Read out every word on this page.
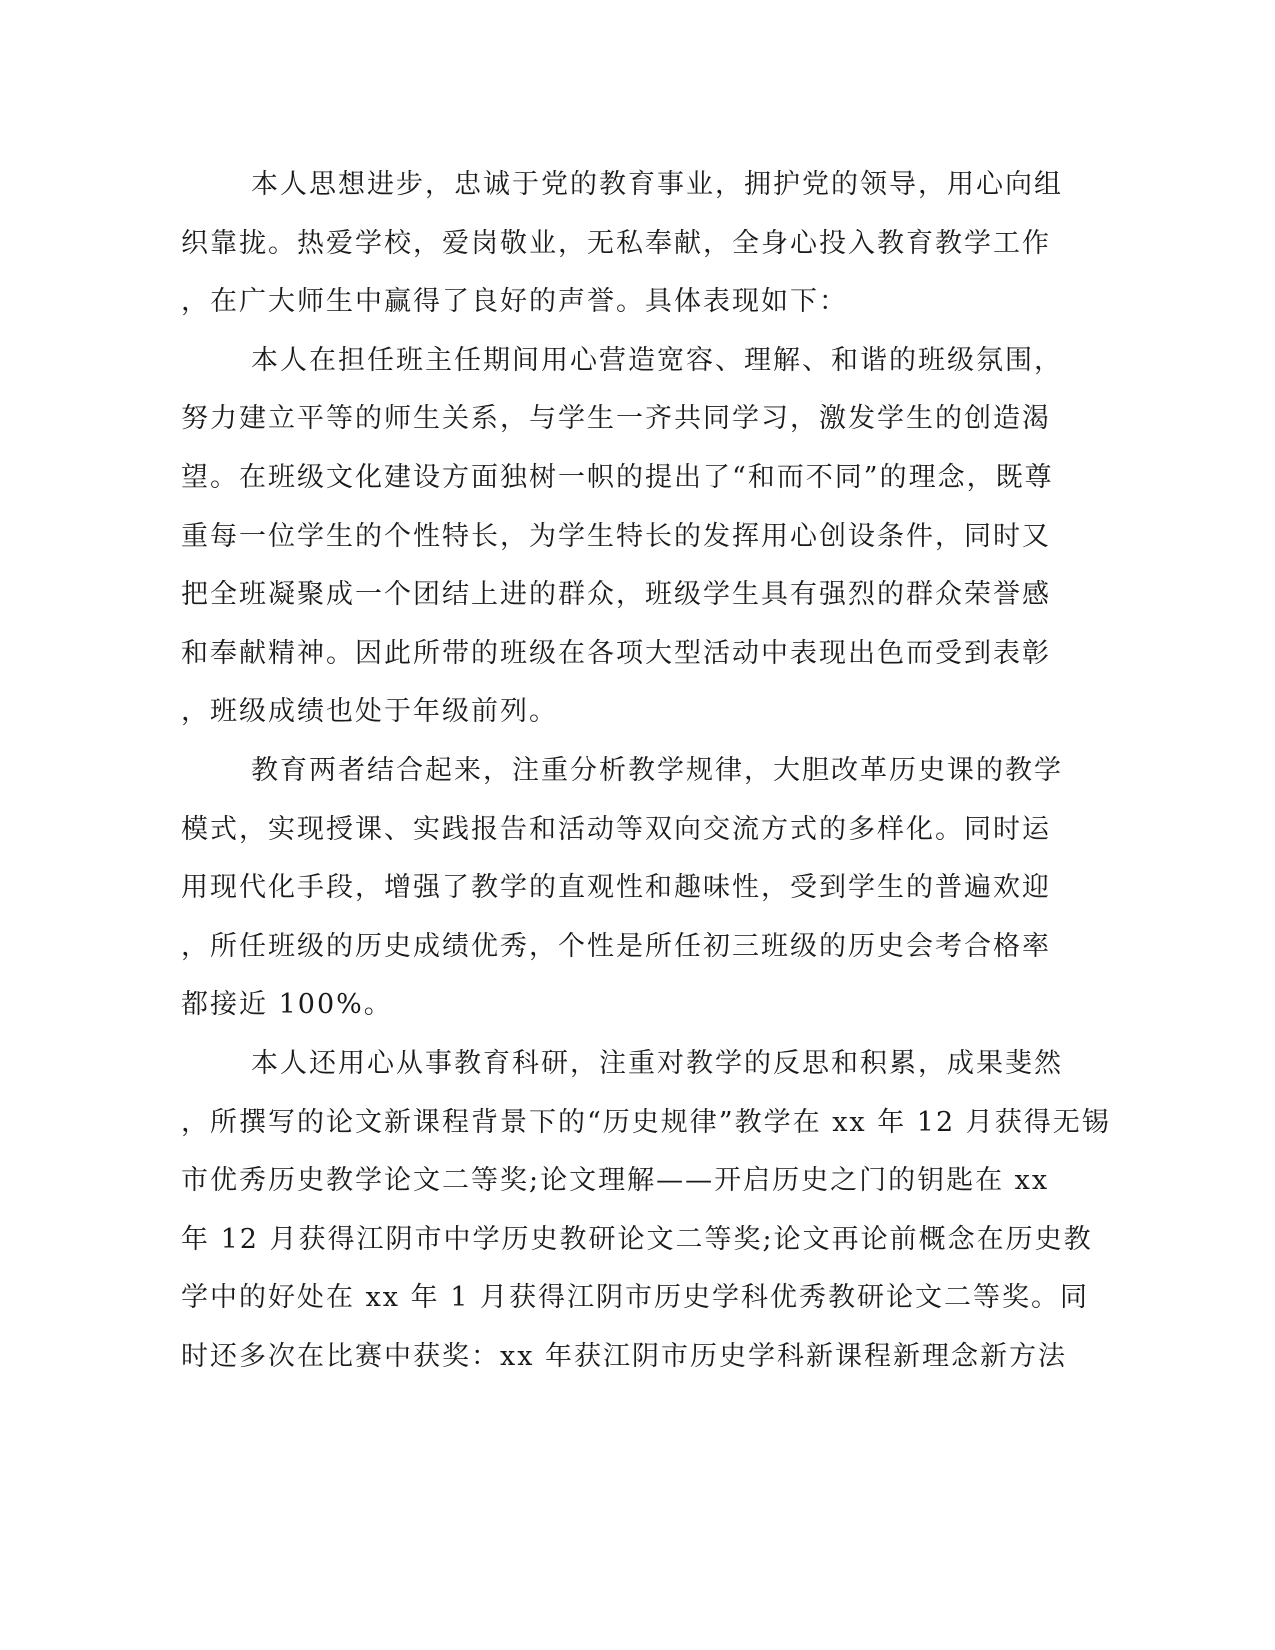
本人思想进步，忠诚于党的教育事业，拥护党的领导，用心向组
织靠拢。热爱学校，爱岗敬业，无私奉献，全身心投入教育教学工作
，在广大师生中赢得了良好的声誉。具体表现如下：
本人在担任班主任期间用心营造宽容、理解、和谐的班级氛围，
努力建立平等的师生关系，与学生一齐共同学习，激发学生的创造渴
望。在班级文化建设方面独树一帜的提出了“和而不同”的理念，既尊
重每一位学生的个性特长，为学生特长的发挥用心创设条件，同时又
把全班凝聚成一个团结上进的群众，班级学生具有强烈的群众荣誉感
和奉献精神。因此所带的班级在各项大型活动中表现出色而受到表彰
，班级成绩也处于年级前列。
教育两者结合起来，注重分析教学规律，大胆改革历史课的教学
模式，实现授课、实践报告和活动等双向交流方式的多样化。同时运
用现代化手段，增强了教学的直观性和趣味性，受到学生的普遍欢迎
，所任班级的历史成绩优秀，个性是所任初三班级的历史会考合格率
都接近 100%。
本人还用心从事教育科研，注重对教学的反思和积累，成果斐然
，所撰写的论文新课程背景下的“历史规律”教学在 xx 年 12 月获得无锡
市优秀历史教学论文二等奖;论文理解——开启历史之门的钥匙在 xx
年 12 月获得江阴市中学历史教研论文二等奖;论文再论前概念在历史教
学中的好处在 xx 年 1 月获得江阴市历史学科优秀教研论文二等奖。同
时还多次在比赛中获奖：xx 年获江阴市历史学科新课程新理念新方法
